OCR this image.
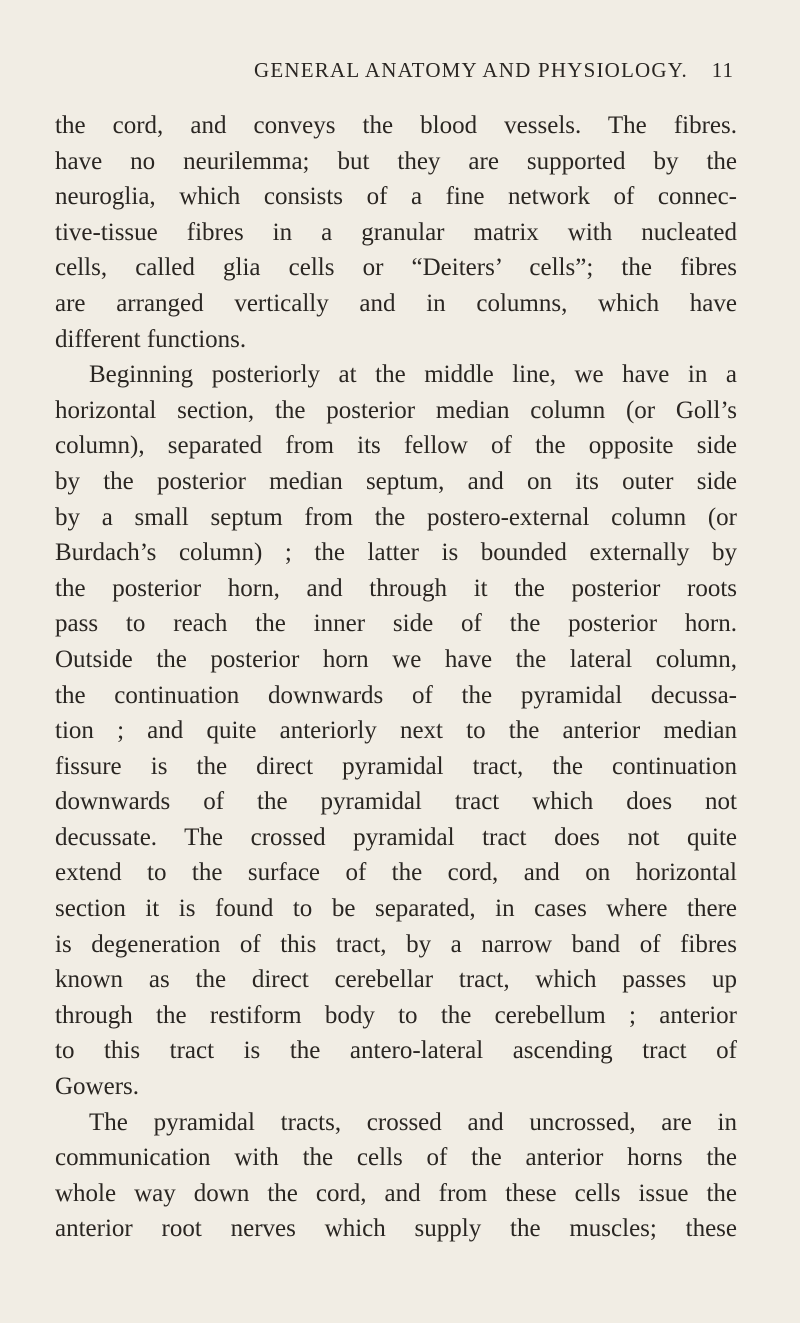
GENERAL ANATOMY AND PHYSIOLOGY. 11
the cord, and conveys the blood vessels. The fibres.
have no neurilemma; but they are supported by the
neuroglia, which consists of a fine network of connec-
tive-tissue fibres in a granular matrix with nucleated
cells, called glia cells or “Deiters’ cells”; the fibres
are arranged vertically and in columns, which have
different functions.
Beginning posteriorly at the middle line, we have in a
horizontal section, the posterior median column (or Goll’s
column), separated from its fellow of the opposite side
by the posterior median septum, and on its outer side
by a small septum from the postero-external column (or
Burdach’s column) ; the latter is bounded externally by
the posterior horn, and through it the posterior roots
pass to reach the inner side of the posterior horn.
Outside the posterior horn we have the lateral column,
the continuation downwards of the pyramidal decussa-
tion ; and quite anteriorly next to the anterior median
fissure is the direct pyramidal tract, the continuation
downwards of the pyramidal tract which does not
decussate. The crossed pyramidal tract does not quite
extend to the surface of the cord, and on horizontal
section it is found to be separated, in cases where there
is degeneration of this tract, by a narrow band of fibres
known as the direct cerebellar tract, which passes up
through the restiform body to the cerebellum ; anterior
to this tract is the antero-lateral ascending tract of
Gowers.
The pyramidal tracts, crossed and uncrossed, are in
communication with the cells of the anterior horns the
whole way down the cord, and from these cells issue the
anterior root nerves which supply the muscles; these
